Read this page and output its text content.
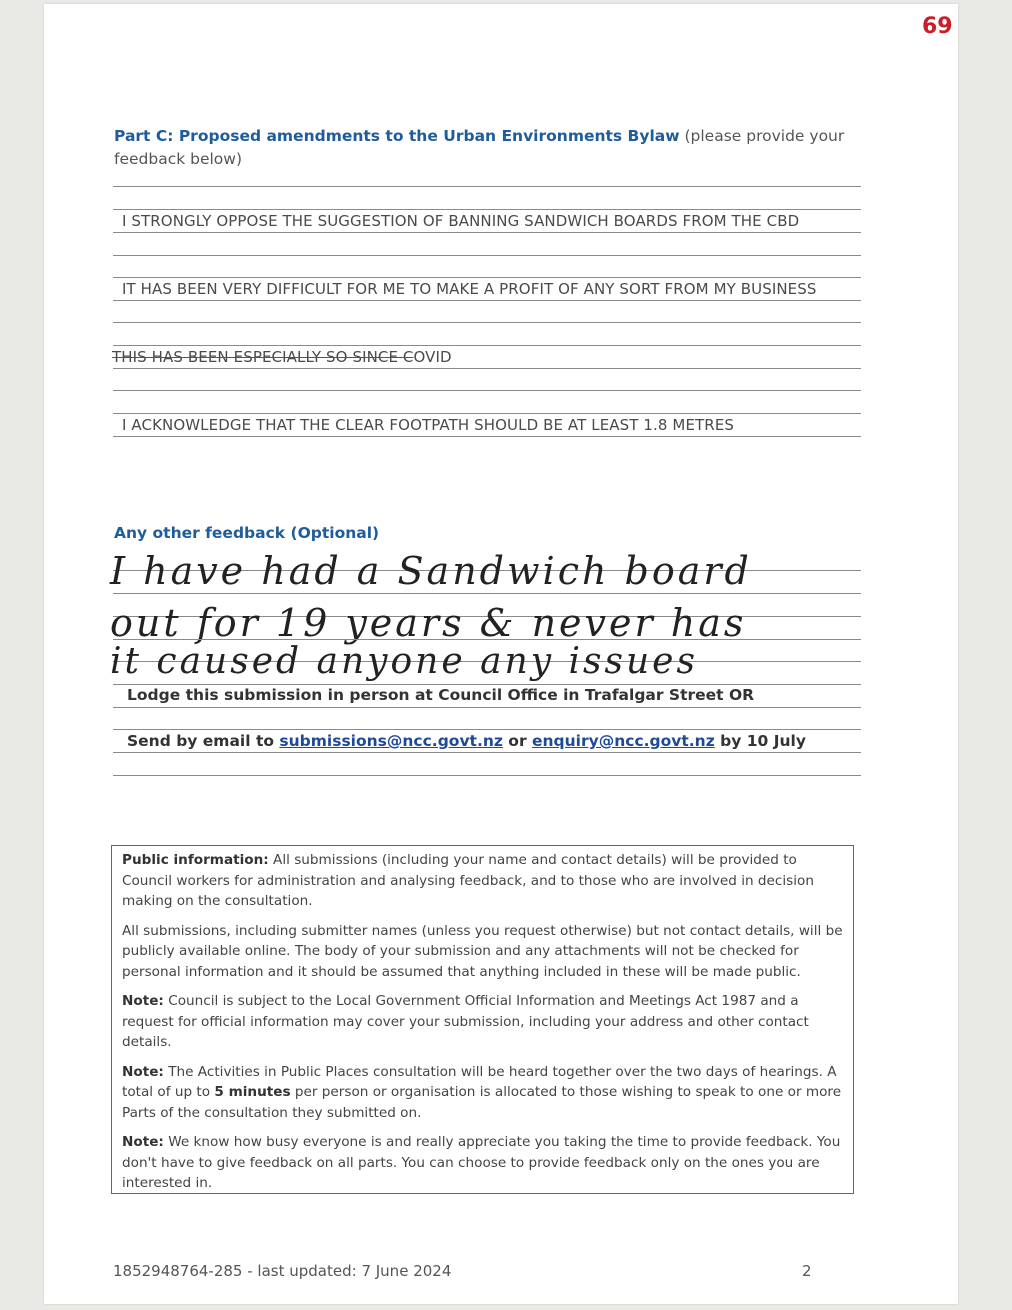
69
Part C: Proposed amendments to the Urban Environments Bylaw (please provide your feedback below)
I STRONGLY OPPOSE THE SUGGESTION OF BANNING SANDWICH BOARDS FROM THE CBD
IT HAS BEEN VERY DIFFICULT FOR ME TO MAKE A PROFIT OF ANY SORT FROM MY BUSINESS
THIS HAS BEEN ESPECIALLY SO SINCE COVID
I ACKNOWLEDGE THAT THE CLEAR FOOTPATH SHOULD BE AT LEAST 1.8 METRES
Any other feedback (Optional)
I have had a Sandwich board
out for 19 years & never has
it caused anyone any issues
Lodge this submission in person at Council Office in Trafalgar Street OR
Send by email to submissions@ncc.govt.nz or enquiry@ncc.govt.nz by 10 July

Public information: All submissions (including your name and contact details) will be provided to Council workers for administration and analysing feedback, and to those who are involved in decision making on the consultation.

All submissions, including submitter names (unless you request otherwise) but not contact details, will be publicly available online. The body of your submission and any attachments will not be checked for personal information and it should be assumed that anything included in these will be made public.

Note: Council is subject to the Local Government Official Information and Meetings Act 1987 and a request for official information may cover your submission, including your address and other contact details.

Note: The Activities in Public Places consultation will be heard together over the two days of hearings. A total of up to 5 minutes per person or organisation is allocated to those wishing to speak to one or more Parts of the consultation they submitted on.

Note: We know how busy everyone is and really appreciate you taking the time to provide feedback. You don't have to give feedback on all parts. You can choose to provide feedback only on the ones you are interested in.

1852948764-285 - last updated: 7 June 2024	2
